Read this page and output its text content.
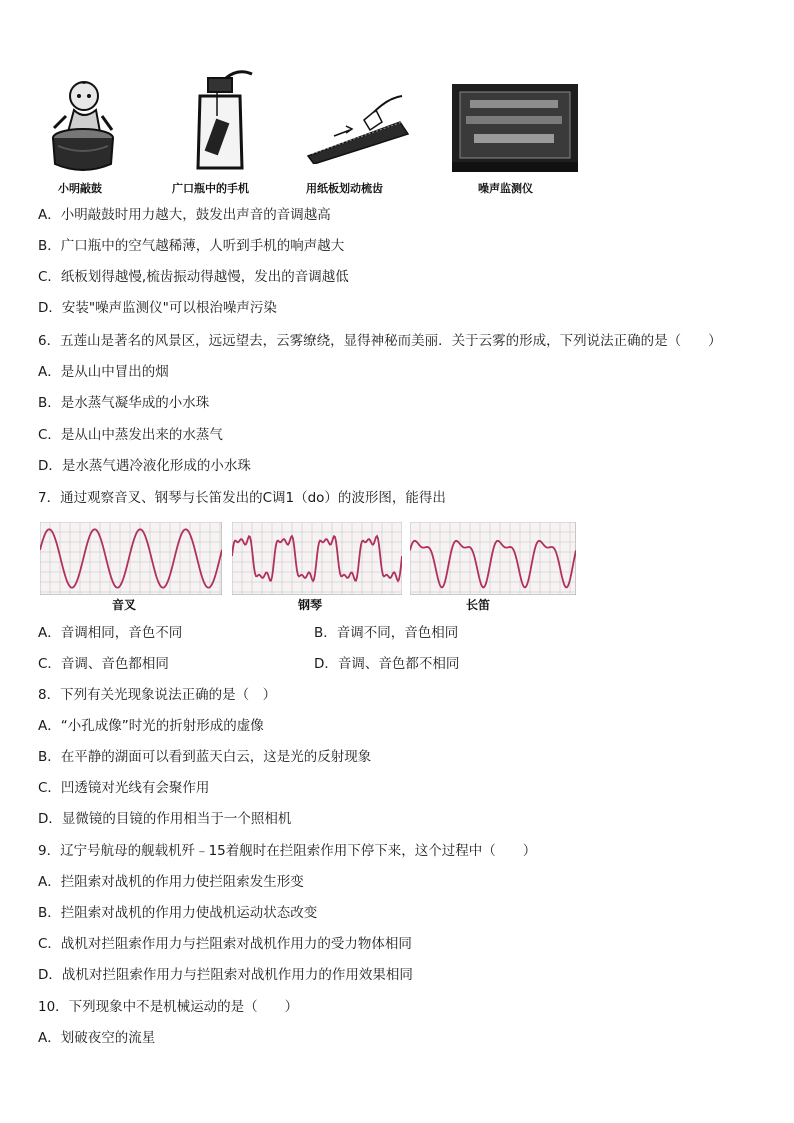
小明敲鼓	广口瓶中的手机	用纸板划动梳齿	噪声监测仪
A．小明敲鼓时用力越大，鼓发出声音的音调越高
B．广口瓶中的空气越稀薄，人听到手机的响声越大
C．纸板划得越慢,梳齿振动得越慢，发出的音调越低
D．安装"噪声监测仪"可以根治噪声污染
6．五莲山是著名的风景区，远远望去，云雾缭绕，显得神秘而美丽．关于云雾的形成，下列说法正确的是（　　）
A．是从山中冒出的烟
B．是水蒸气凝华成的小水珠
C．是从山中蒸发出来的水蒸气
D．是水蒸气遇冷液化形成的小水珠
7．通过观察音叉、钢琴与长笛发出的C调1（do）的波形图，能得出
音叉	钢琴	长笛
A．音调相同，音色不同	B．音调不同，音色相同
C．音调、音色都相同	D．音调、音色都不相同
8．下列有关光现象说法正确的是（　）
A．“小孔成像”时光的折射形成的虚像
B．在平静的湖面可以看到蓝天白云，这是光的反射现象
C．凹透镜对光线有会聚作用
D．显微镜的目镜的作用相当于一个照相机
9．辽宁号航母的舰载机歼﹣15着舰时在拦阻索作用下停下来，这个过程中（　　）
A．拦阻索对战机的作用力使拦阻索发生形变
B．拦阻索对战机的作用力使战机运动状态改变
C．战机对拦阻索作用力与拦阻索对战机作用力的受力物体相同
D．战机对拦阻索作用力与拦阻索对战机作用力的作用效果相同
10．下列现象中不是机械运动的是（　　）
A．划破夜空的流星
